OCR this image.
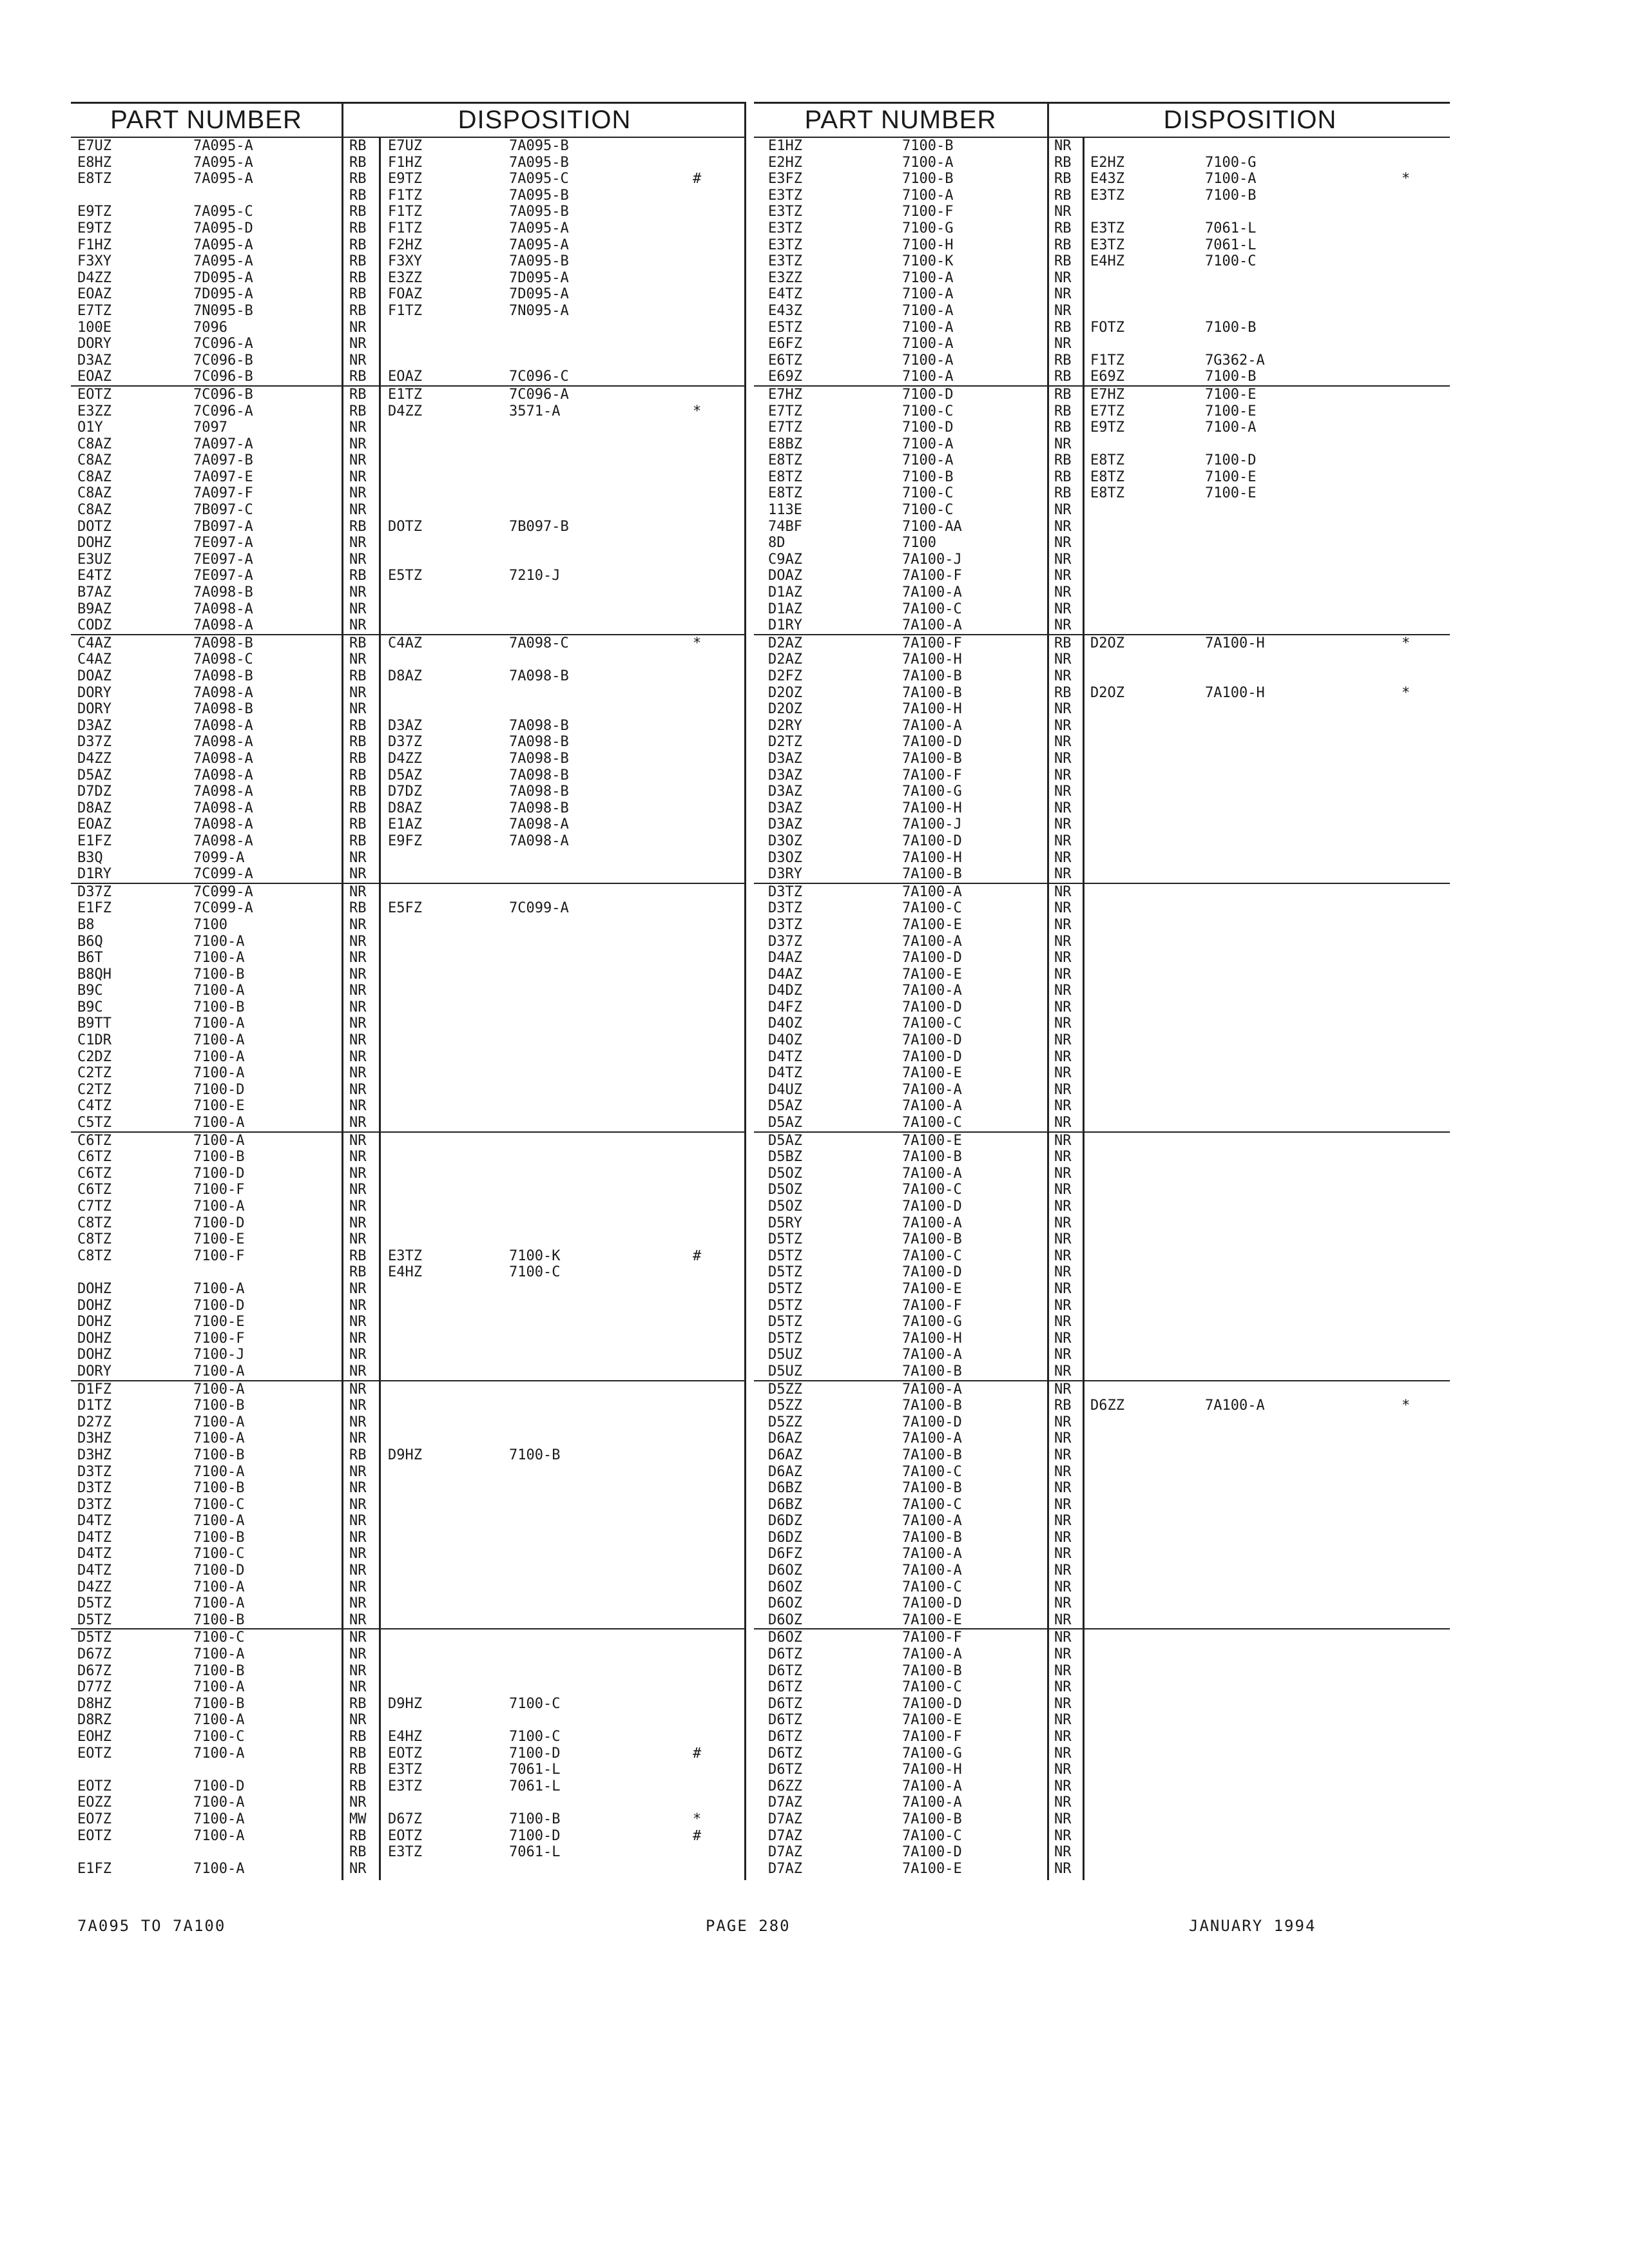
PART NUMBER	DISPOSITION
E7UZ	7A095-A	RB E7UZ	7A095-B
E8HZ	7A095-A	RB F1HZ	7A095-B
E8TZ	7A095-A	RB E9TZ	7A095-C	#
RB F1TZ	7A095-B
E9TZ	7A095-C	RB F1TZ	7A095-B
E9TZ	7A095-D	RB F1TZ	7A095-A
F1HZ	7A095-A	RB F2HZ	7A095-A
F3XY	7A095-A	RB F3XY	7A095-B
D4ZZ	7D095-A	RB E3ZZ	7D095-A
EOAZ	7D095-A	RB FOAZ	7D095-A
E7TZ	7N095-B	RB F1TZ	7N095-A
100E	7096	NR
DORY	7C096-A	NR
D3AZ	7C096-B	NR
EOAZ	7C096-B	RB EOAZ	7C096-C
EOTZ	7C096-B	RB E1TZ	7C096-A
E3ZZ	7C096-A	RB D4ZZ	3571-A	*
O1Y	7097	NR
C8AZ	7A097-A	NR
C8AZ	7A097-B	NR
C8AZ	7A097-E	NR
C8AZ	7A097-F	NR
C8AZ	7B097-C	NR
DOTZ	7B097-A	RB DOTZ	7B097-B
DOHZ	7E097-A	NR
E3UZ	7E097-A	NR
E4TZ	7E097-A	RB E5TZ	7210-J
B7AZ	7A098-B	NR
B9AZ	7A098-A	NR
CODZ	7A098-A	NR
C4AZ	7A098-B	RB C4AZ	7A098-C	*
C4AZ	7A098-C	NR
DOAZ	7A098-B	RB D8AZ	7A098-B
DORY	7A098-A	NR
DORY	7A098-B	NR
D3AZ	7A098-A	RB D3AZ	7A098-B
D37Z	7A098-A	RB D37Z	7A098-B
D4ZZ	7A098-A	RB D4ZZ	7A098-B
D5AZ	7A098-A	RB D5AZ	7A098-B
D7DZ	7A098-A	RB D7DZ	7A098-B
D8AZ	7A098-A	RB D8AZ	7A098-B
EOAZ	7A098-A	RB E1AZ	7A098-A
E1FZ	7A098-A	RB E9FZ	7A098-A
B3Q	7099-A	NR
D1RY	7C099-A	NR
D37Z	7C099-A	NR
E1FZ	7C099-A	RB E5FZ	7C099-A
B8	7100	NR
B6Q	7100-A	NR
B6T	7100-A	NR
B8QH	7100-B	NR
B9C	7100-A	NR
B9C	7100-B	NR
B9TT	7100-A	NR
C1DR	7100-A	NR
C2DZ	7100-A	NR
C2TZ	7100-A	NR
C2TZ	7100-D	NR
C4TZ	7100-E	NR
C5TZ	7100-A	NR
C6TZ	7100-A	NR
C6TZ	7100-B	NR
C6TZ	7100-D	NR
C6TZ	7100-F	NR
C7TZ	7100-A	NR
C8TZ	7100-D	NR
C8TZ	7100-E	NR
C8TZ	7100-F	RB E3TZ	7100-K	#
RB E4HZ	7100-C
DOHZ	7100-A	NR
DOHZ	7100-D	NR
DOHZ	7100-E	NR
DOHZ	7100-F	NR
DOHZ	7100-J	NR
DORY	7100-A	NR
D1FZ	7100-A	NR
D1TZ	7100-B	NR
D27Z	7100-A	NR
D3HZ	7100-A	NR
D3HZ	7100-B	RB D9HZ	7100-B
D3TZ	7100-A	NR
D3TZ	7100-B	NR
D3TZ	7100-C	NR
D4TZ	7100-A	NR
D4TZ	7100-B	NR
D4TZ	7100-C	NR
D4TZ	7100-D	NR
D4ZZ	7100-A	NR
D5TZ	7100-A	NR
D5TZ	7100-B	NR
D5TZ	7100-C	NR
D67Z	7100-A	NR
D67Z	7100-B	NR
D77Z	7100-A	NR
D8HZ	7100-B	RB D9HZ	7100-C
D8RZ	7100-A	NR
EOHZ	7100-C	RB E4HZ	7100-C
EOTZ	7100-A	RB EOTZ	7100-D	#
RB E3TZ	7061-L
EOTZ	7100-D	RB E3TZ	7061-L
EOZZ	7100-A	NR
EO7Z	7100-A	MW D67Z	7100-B	*
EOTZ	7100-A	RB EOTZ	7100-D	#
RB E3TZ	7061-L
E1FZ	7100-A	NR
PART NUMBER	DISPOSITION
E1HZ	7100-B	NR
E2HZ	7100-A	RB E2HZ	7100-G
E3FZ	7100-B	RB E43Z	7100-A	*
E3TZ	7100-A	RB E3TZ	7100-B
E3TZ	7100-F	NR
E3TZ	7100-G	RB E3TZ	7061-L
E3TZ	7100-H	RB E3TZ	7061-L
E3TZ	7100-K	RB E4HZ	7100-C
E3ZZ	7100-A	NR
E4TZ	7100-A	NR
E43Z	7100-A	NR
E5TZ	7100-A	RB FOTZ	7100-B
E6FZ	7100-A	NR
E6TZ	7100-A	RB F1TZ	7G362-A
E69Z	7100-A	RB E69Z	7100-B
E7HZ	7100-D	RB E7HZ	7100-E
E7TZ	7100-C	RB E7TZ	7100-E
E7TZ	7100-D	RB E9TZ	7100-A
E8BZ	7100-A	NR
E8TZ	7100-A	RB E8TZ	7100-D
E8TZ	7100-B	RB E8TZ	7100-E
E8TZ	7100-C	RB E8TZ	7100-E
113E	7100-C	NR
74BF	7100-AA	NR
8D	7100	NR
C9AZ	7A100-J	NR
DOAZ	7A100-F	NR
D1AZ	7A100-A	NR
D1AZ	7A100-C	NR
D1RY	7A100-A	NR
D2AZ	7A100-F	RB D2OZ	7A100-H	*
D2AZ	7A100-H	NR
D2FZ	7A100-B	NR
D2OZ	7A100-B	RB D2OZ	7A100-H	*
D2OZ	7A100-H	NR
D2RY	7A100-A	NR
D2TZ	7A100-D	NR
D3AZ	7A100-B	NR
D3AZ	7A100-F	NR
D3AZ	7A100-G	NR
D3AZ	7A100-H	NR
D3AZ	7A100-J	NR
D3OZ	7A100-D	NR
D3OZ	7A100-H	NR
D3RY	7A100-B	NR
D3TZ	7A100-A	NR
D3TZ	7A100-C	NR
D3TZ	7A100-E	NR
D37Z	7A100-A	NR
D4AZ	7A100-D	NR
D4AZ	7A100-E	NR
D4DZ	7A100-A	NR
D4FZ	7A100-D	NR
D4OZ	7A100-C	NR
D4OZ	7A100-D	NR
D4TZ	7A100-D	NR
D4TZ	7A100-E	NR
D4UZ	7A100-A	NR
D5AZ	7A100-A	NR
D5AZ	7A100-C	NR
D5AZ	7A100-E	NR
D5BZ	7A100-B	NR
D5OZ	7A100-A	NR
D5OZ	7A100-C	NR
D5OZ	7A100-D	NR
D5RY	7A100-A	NR
D5TZ	7A100-B	NR
D5TZ	7A100-C	NR
D5TZ	7A100-D	NR
D5TZ	7A100-E	NR
D5TZ	7A100-F	NR
D5TZ	7A100-G	NR
D5TZ	7A100-H	NR
D5UZ	7A100-A	NR
D5UZ	7A100-B	NR
D5ZZ	7A100-A	NR
D5ZZ	7A100-B	RB D6ZZ	7A100-A	*
D5ZZ	7A100-D	NR
D6AZ	7A100-A	NR
D6AZ	7A100-B	NR
D6AZ	7A100-C	NR
D6BZ	7A100-B	NR
D6BZ	7A100-C	NR
D6DZ	7A100-A	NR
D6DZ	7A100-B	NR
D6FZ	7A100-A	NR
D6OZ	7A100-A	NR
D6OZ	7A100-C	NR
D6OZ	7A100-D	NR
D6OZ	7A100-E	NR
D6OZ	7A100-F	NR
D6TZ	7A100-A	NR
D6TZ	7A100-B	NR
D6TZ	7A100-C	NR
D6TZ	7A100-D	NR
D6TZ	7A100-E	NR
D6TZ	7A100-F	NR
D6TZ	7A100-G	NR
D6TZ	7A100-H	NR
D6ZZ	7A100-A	NR
D7AZ	7A100-A	NR
D7AZ	7A100-B	NR
D7AZ	7A100-C	NR
D7AZ	7A100-D	NR
D7AZ	7A100-E	NR
7A095 TO 7A100	PAGE 280	JANUARY 1994
